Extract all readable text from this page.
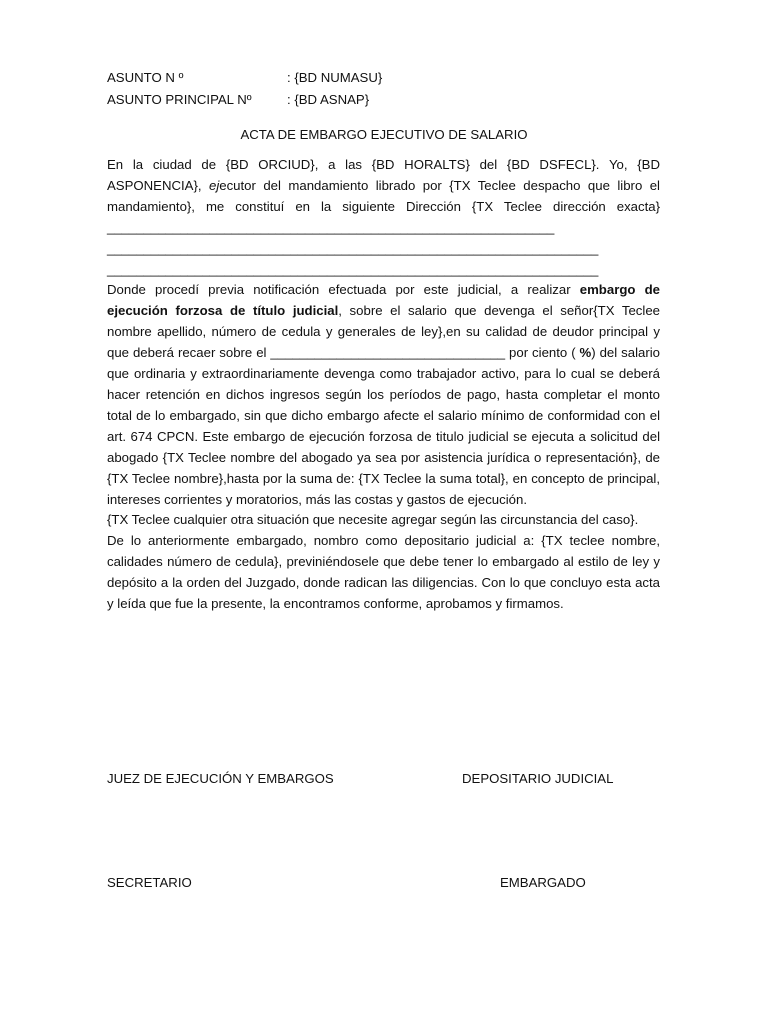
ASUNTO N º	: {BD NUMASU}
ASUNTO PRINCIPAL Nº	: {BD ASNAP}
ACTA DE EMBARGO EJECUTIVO DE SALARIO

En la ciudad de {BD ORCIUD}, a las {BD HORALTS} del {BD DSFECL}. Yo, {BD ASPONENCIA}, ejecutor del mandamiento librado por {TX Teclee despacho que libro el mandamiento}, me constituí en la siguiente Dirección {TX Teclee dirección exacta} _____________________________________________________________ ___________________________________________________________________ ___________________________________________________________________

Donde procedí previa notificación efectuada por este judicial, a realizar embargo de ejecución forzosa de título judicial, sobre el salario que devenga el señor{TX Teclee nombre apellido, número de cedula y generales de ley},en su calidad de deudor principal y que deberá recaer sobre el ________________________________ por ciento ( %) del salario que ordinaria y extraordinariamente devenga como trabajador activo, para lo cual se deberá hacer retención en dichos ingresos según los períodos de pago, hasta completar el monto total de lo embargado, sin que dicho embargo afecte el salario mínimo de conformidad con el art. 674 CPCN. Este embargo de ejecución forzosa de titulo judicial se ejecuta a solicitud del abogado {TX Teclee nombre del abogado ya sea por asistencia jurídica o representación}, de {TX Teclee nombre},hasta por la suma de: {TX Teclee la suma total}, en concepto de principal, intereses corrientes y moratorios, más las costas y gastos de ejecución.

{TX Teclee cualquier otra situación que necesite agregar según las circunstancia del caso}.

De lo anteriormente embargado, nombro como depositario judicial a: {TX teclee nombre, calidades número de cedula}, previniéndosele que debe tener lo embargado al estilo de ley y depósito a la orden del Juzgado, donde radican las diligencias. Con lo que concluyo esta acta y leída que fue la presente, la encontramos conforme, aprobamos y firmamos.

JUEZ DE EJECUCIÓN Y EMBARGOS	DEPOSITARIO JUDICIAL
SECRETARIO	EMBARGADO
